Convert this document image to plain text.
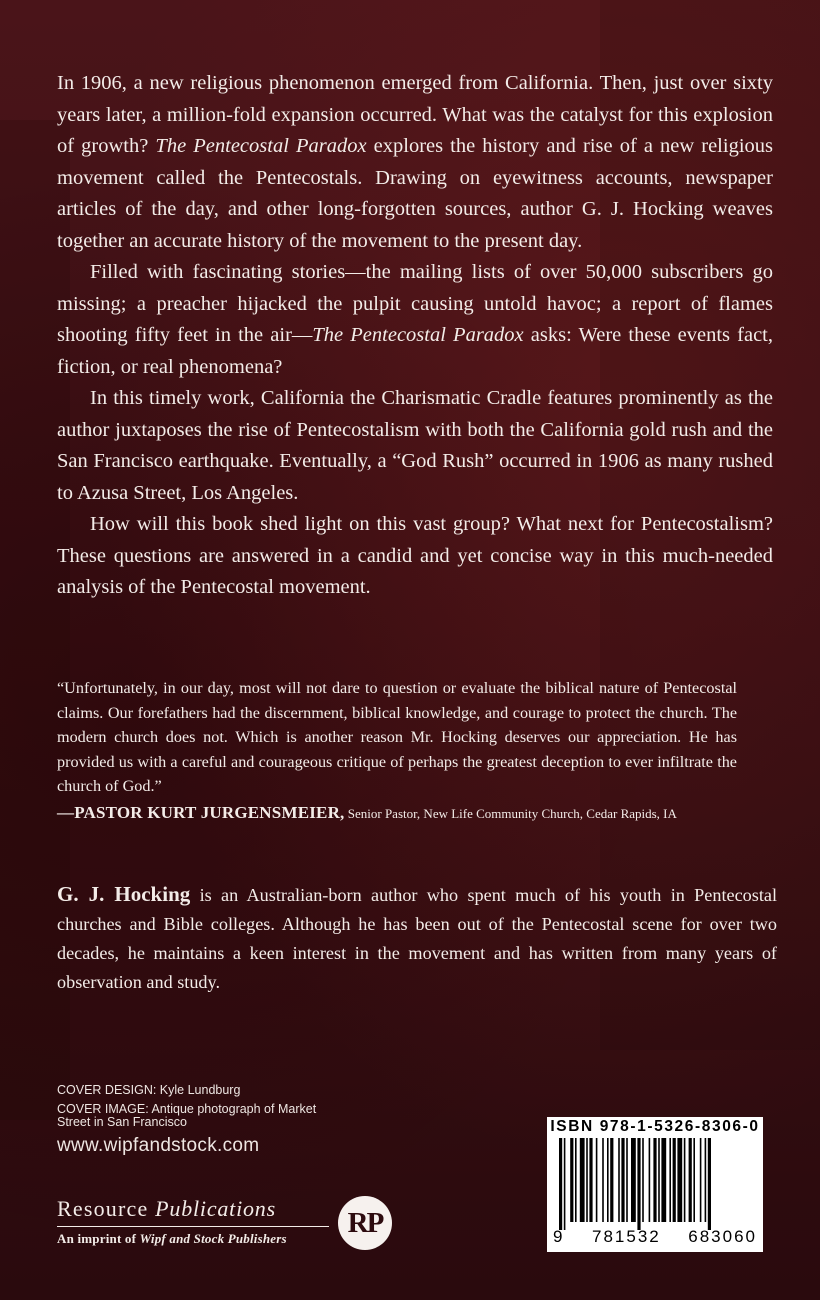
In 1906, a new religious phenomenon emerged from California. Then, just over sixty years later, a million-fold expansion occurred. What was the catalyst for this explosion of growth? The Pentecostal Paradox explores the history and rise of a new religious movement called the Pentecostals. Drawing on eyewitness accounts, newspaper articles of the day, and other long-forgotten sources, author G. J. Hocking weaves together an accurate history of the movement to the present day.

Filled with fascinating stories—the mailing lists of over 50,000 subscribers go missing; a preacher hijacked the pulpit causing untold havoc; a report of flames shooting fifty feet in the air—The Pentecostal Paradox asks: Were these events fact, fiction, or real phenomena?

In this timely work, California the Charismatic Cradle features prominently as the author juxtaposes the rise of Pentecostalism with both the California gold rush and the San Francisco earthquake. Eventually, a “God Rush” occurred in 1906 as many rushed to Azusa Street, Los Angeles.

How will this book shed light on this vast group? What next for Pentecostalism? These questions are answered in a candid and yet concise way in this much-needed analysis of the Pentecostal movement.

“Unfortunately, in our day, most will not dare to question or evaluate the biblical nature of Pentecostal claims. Our forefathers had the discernment, biblical knowledge, and courage to protect the church. The modern church does not. Which is another reason Mr. Hocking deserves our appreciation. He has provided us with a careful and courageous critique of perhaps the greatest deception to ever infiltrate the church of God.”

—PASTOR KURT JURGENSMEIER, Senior Pastor, New Life Community Church, Cedar Rapids, IA

G. J. Hocking is an Australian-born author who spent much of his youth in Pentecostal churches and Bible colleges. Although he has been out of the Pentecostal scene for over two decades, he maintains a keen interest in the movement and has written from many years of observation and study.

COVER DESIGN: Kyle Lundburg
COVER IMAGE: Antique photograph of Market Street in San Francisco
www.wipfandstock.com
Resource Publications
An imprint of Wipf and Stock Publishers	RP
ISBN 978-1-5326-8306-0
9 781532 683060
